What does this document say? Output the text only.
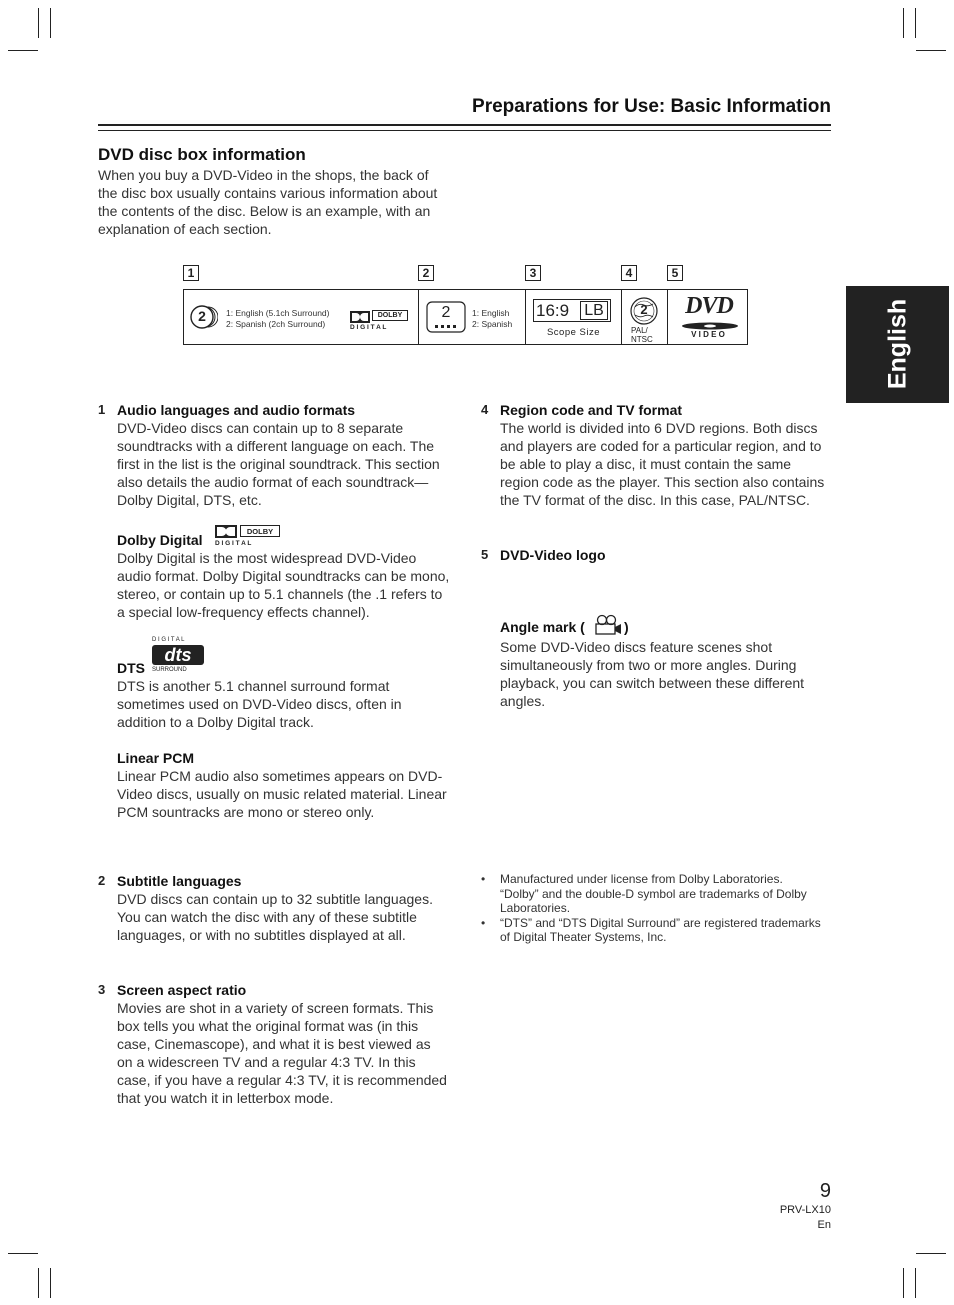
Preparations for Use: Basic Information
English
DVD disc box information
When you buy a DVD-Video in the shops, the back of the disc box usually contains various information about the contents of the disc. Below is an example, with an explanation of each section.
1	2	3	4	5
2	1: English (5.1ch Surround)
2: Spanish (2ch Surround)
DOLBY
D I G I T A L
2	1: English
2: Spanish
16:9 LB
Scope Size
2
PAL/
NTSC
DVD
V I D E O
1 Audio languages and audio formats
DVD-Video discs can contain up to 8 separate soundtracks with a different language on each. The first in the list is the original soundtrack. This section also details the audio format of each soundtrack—Dolby Digital, DTS, etc.
Dolby Digital
DOLBY
D I G I T A L
Dolby Digital is the most widespread DVD-Video audio format. Dolby Digital soundtracks can be mono, stereo, or contain up to 5.1 channels (the .1 refers to a special low-frequency effects channel).
DTS
D I G I T A L
dts
SURROUND
DTS is another 5.1 channel surround format sometimes used on DVD-Video discs, often in addition to a Dolby Digital track.
Linear PCM
Linear PCM audio also sometimes appears on DVD-Video discs, usually on music related material. Linear PCM sountracks are mono or stereo only.
2 Subtitle languages
DVD discs can contain up to 32 subtitle languages. You can watch the disc with any of these subtitle languages, or with no subtitles displayed at all.
3 Screen aspect ratio
Movies are shot in a variety of screen formats. This box tells you what the original format was (in this case, Cinemascope), and what it is best viewed as on a widescreen TV and a regular 4:3 TV. In this case, if you have a regular 4:3 TV, it is recommended that you watch it in letterbox mode.
4 Region code and TV format
The world is divided into 6 DVD regions. Both discs and players are coded for a particular region, and to be able to play a disc, it must contain the same region code as the player. This section also contains the TV format of the disc. In this case, PAL/NTSC.
5 DVD-Video logo
Angle mark (	)
Some DVD-Video discs feature scenes shot simultaneously from two or more angles. During playback, you can switch between these different angles.
• Manufactured under license from Dolby Laboratories. “Dolby” and the double-D symbol are trademarks of Dolby Laboratories.
• “DTS” and “DTS Digital Surround” are registered trademarks of Digital Theater Systems, Inc.
9
PRV-LX10
En
